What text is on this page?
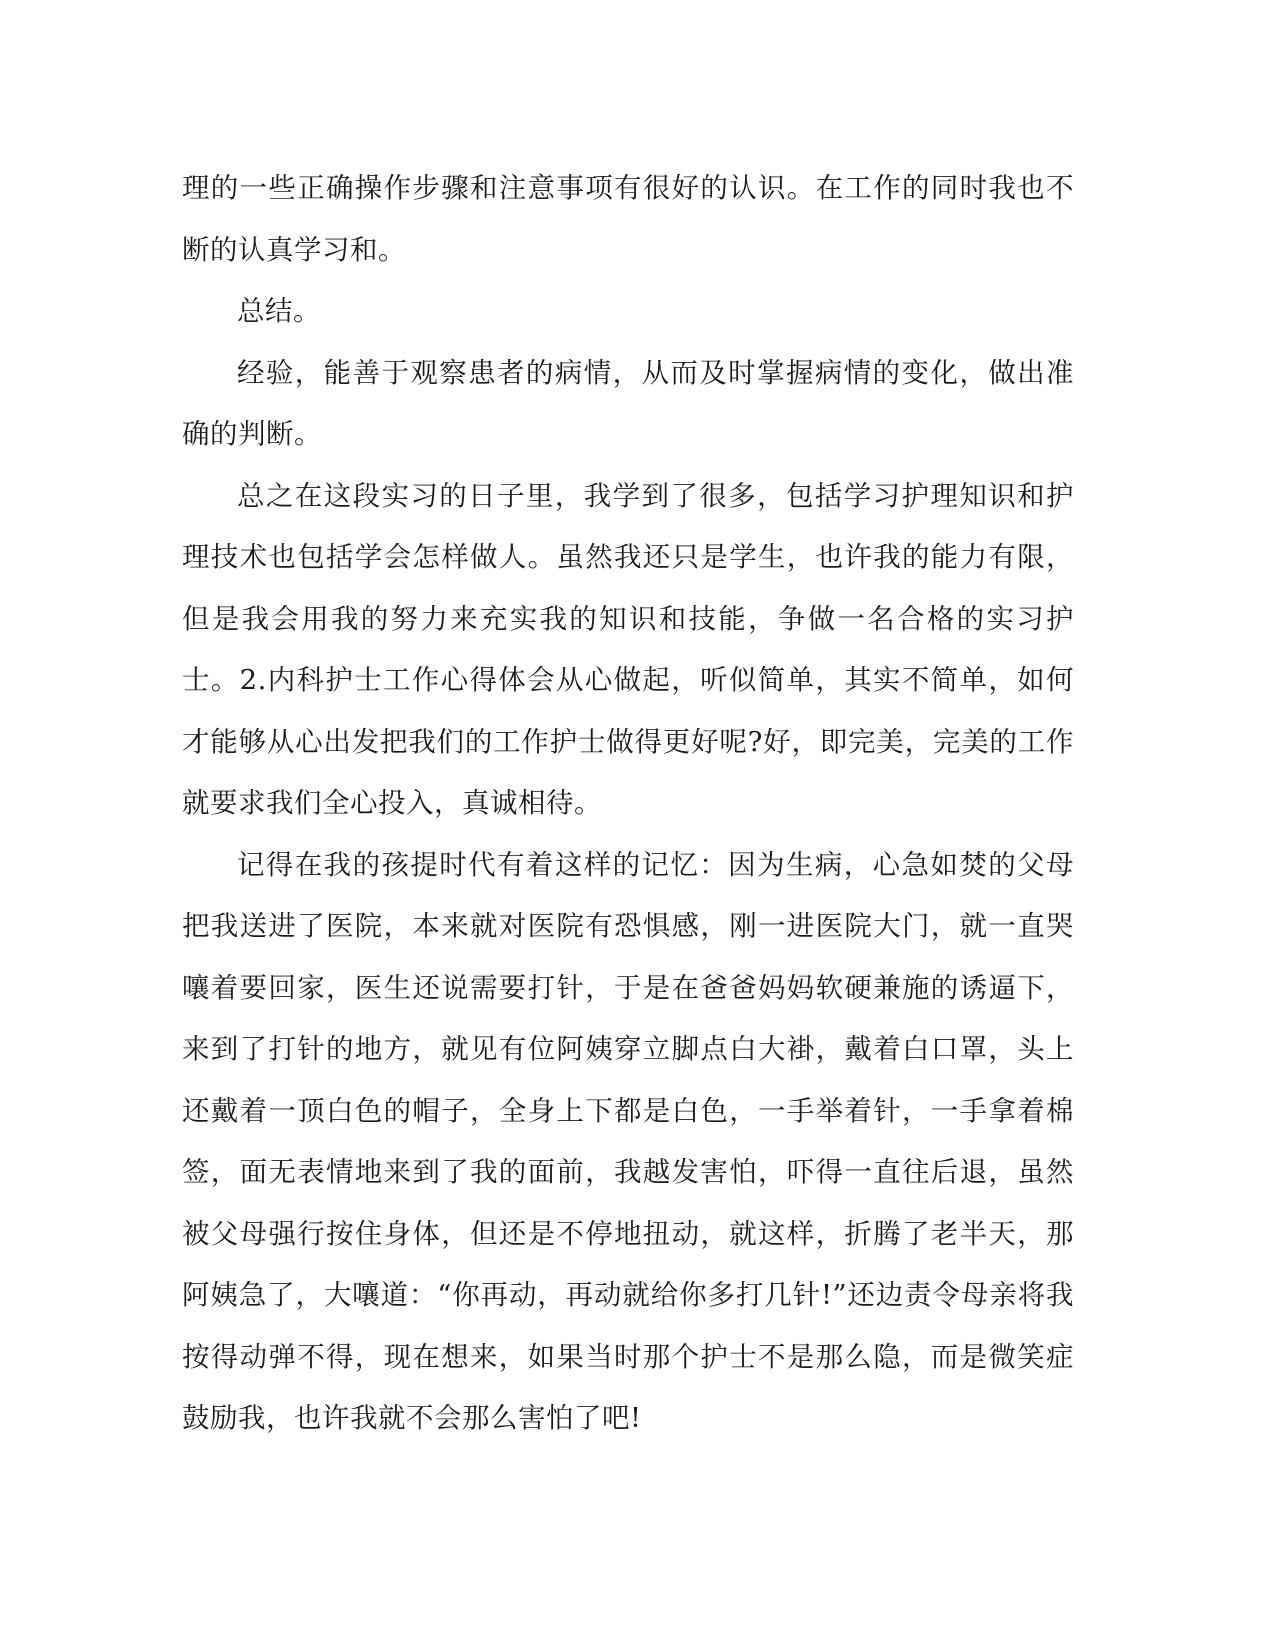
理的一些正确操作步骤和注意事项有很好的认识。在工作的同时我也不断的认真学习和。

总结。

经验，能善于观察患者的病情，从而及时掌握病情的变化，做出准确的判断。

总之在这段实习的日子里，我学到了很多，包括学习护理知识和护理技术也包括学会怎样做人。虽然我还只是学生，也许我的能力有限，但是我会用我的努力来充实我的知识和技能，争做一名合格的实习护士。2.内科护士工作心得体会从心做起，听似简单，其实不简单，如何才能够从心出发把我们的工作护士做得更好呢?好，即完美，完美的工作就要求我们全心投入，真诚相待。

记得在我的孩提时代有着这样的记忆：因为生病，心急如焚的父母把我送进了医院，本来就对医院有恐惧感，刚一进医院大门，就一直哭嚷着要回家，医生还说需要打针，于是在爸爸妈妈软硬兼施的诱逼下，来到了打针的地方，就见有位阿姨穿立脚点白大褂，戴着白口罩，头上还戴着一顶白色的帽子，全身上下都是白色，一手举着针，一手拿着棉签，面无表情地来到了我的面前，我越发害怕，吓得一直往后退，虽然被父母强行按住身体，但还是不停地扭动，就这样，折腾了老半天，那阿姨急了，大嚷道：“你再动，再动就给你多打几针!”还边责令母亲将我按得动弹不得，现在想来，如果当时那个护士不是那么隐，而是微笑症鼓励我，也许我就不会那么害怕了吧!
